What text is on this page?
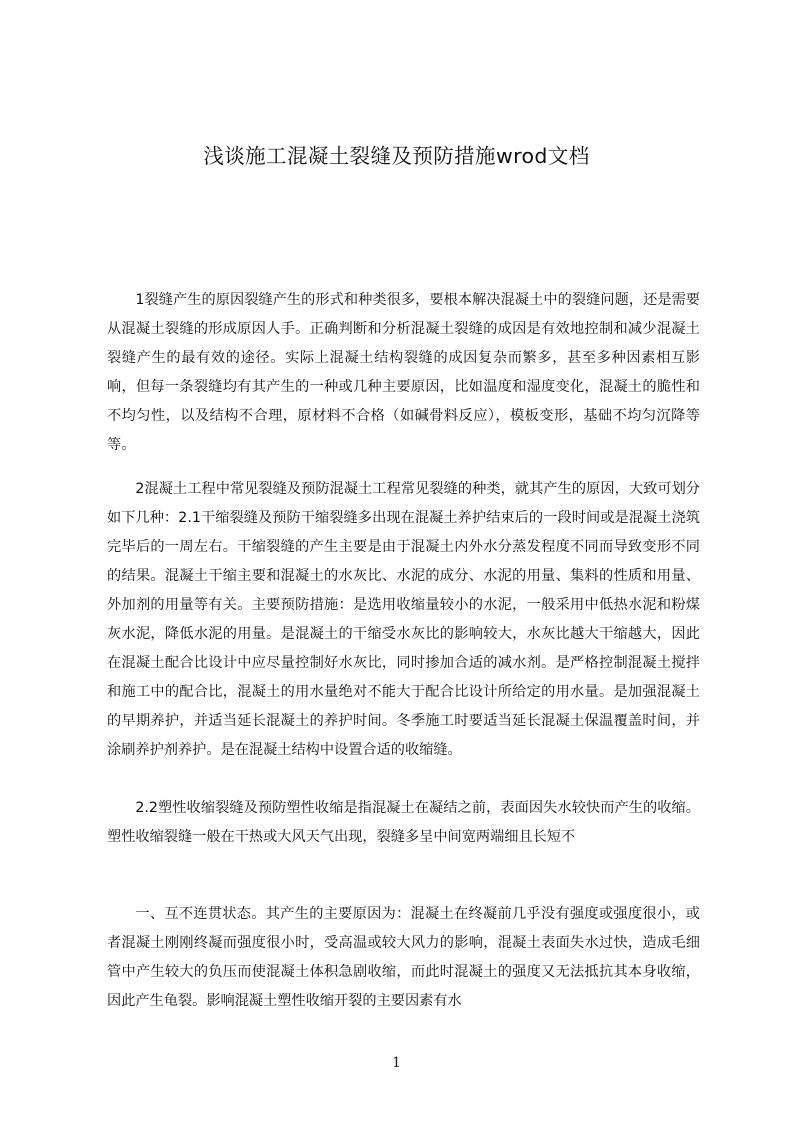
浅谈施工混凝土裂缝及预防措施wrod文档

1裂缝产生的原因裂缝产生的形式和种类很多，要根本解决混凝土中的裂缝问题，还是需要从混凝土裂缝的形成原因人手。正确判断和分析混凝土裂缝的成因是有效地控制和减少混凝土裂缝产生的最有效的途径。实际上混凝土结构裂缝的成因复杂而繁多，甚至多种因素相互影响，但每一条裂缝均有其产生的一种或几种主要原因，比如温度和湿度变化，混凝土的脆性和不均匀性，以及结构不合理，原材料不合格（如碱骨料反应），模板变形，基础不均匀沉降等等。

2混凝土工程中常见裂缝及预防混凝土工程常见裂缝的种类，就其产生的原因，大致可划分如下几种：2.1干缩裂缝及预防干缩裂缝多出现在混凝土养护结束后的一段时间或是混凝土浇筑完毕后的一周左右。干缩裂缝的产生主要是由于混凝土内外水分蒸发程度不同而导致变形不同的结果。混凝土干缩主要和混凝土的水灰比、水泥的成分、水泥的用量、集料的性质和用量、外加剂的用量等有关。主要预防措施：是选用收缩量较小的水泥，一般采用中低热水泥和粉煤灰水泥，降低水泥的用量。是混凝土的干缩受水灰比的影响较大，水灰比越大干缩越大，因此在混凝土配合比设计中应尽量控制好水灰比，同时掺加合适的减水剂。是严格控制混凝土搅拌和施工中的配合比，混凝土的用水量绝对不能大于配合比设计所给定的用水量。是加强混凝土的早期养护，并适当延长混凝土的养护时间。冬季施工时要适当延长混凝土保温覆盖时间，并涂刷养护剂养护。是在混凝土结构中设置合适的收缩缝。

2.2塑性收缩裂缝及预防塑性收缩是指混凝土在凝结之前，表面因失水较快而产生的收缩。塑性收缩裂缝一般在干热或大风天气出现，裂缝多呈中间宽两端细且长短不

一、互不连贯状态。其产生的主要原因为：混凝土在终凝前几乎没有强度或强度很小，或者混凝土刚刚终凝而强度很小时，受高温或较大风力的影响，混凝土表面失水过快，造成毛细管中产生较大的负压而使混凝土体积急剧收缩，而此时混凝土的强度又无法抵抗其本身收缩，因此产生龟裂。影响混凝土塑性收缩开裂的主要因素有水

1
